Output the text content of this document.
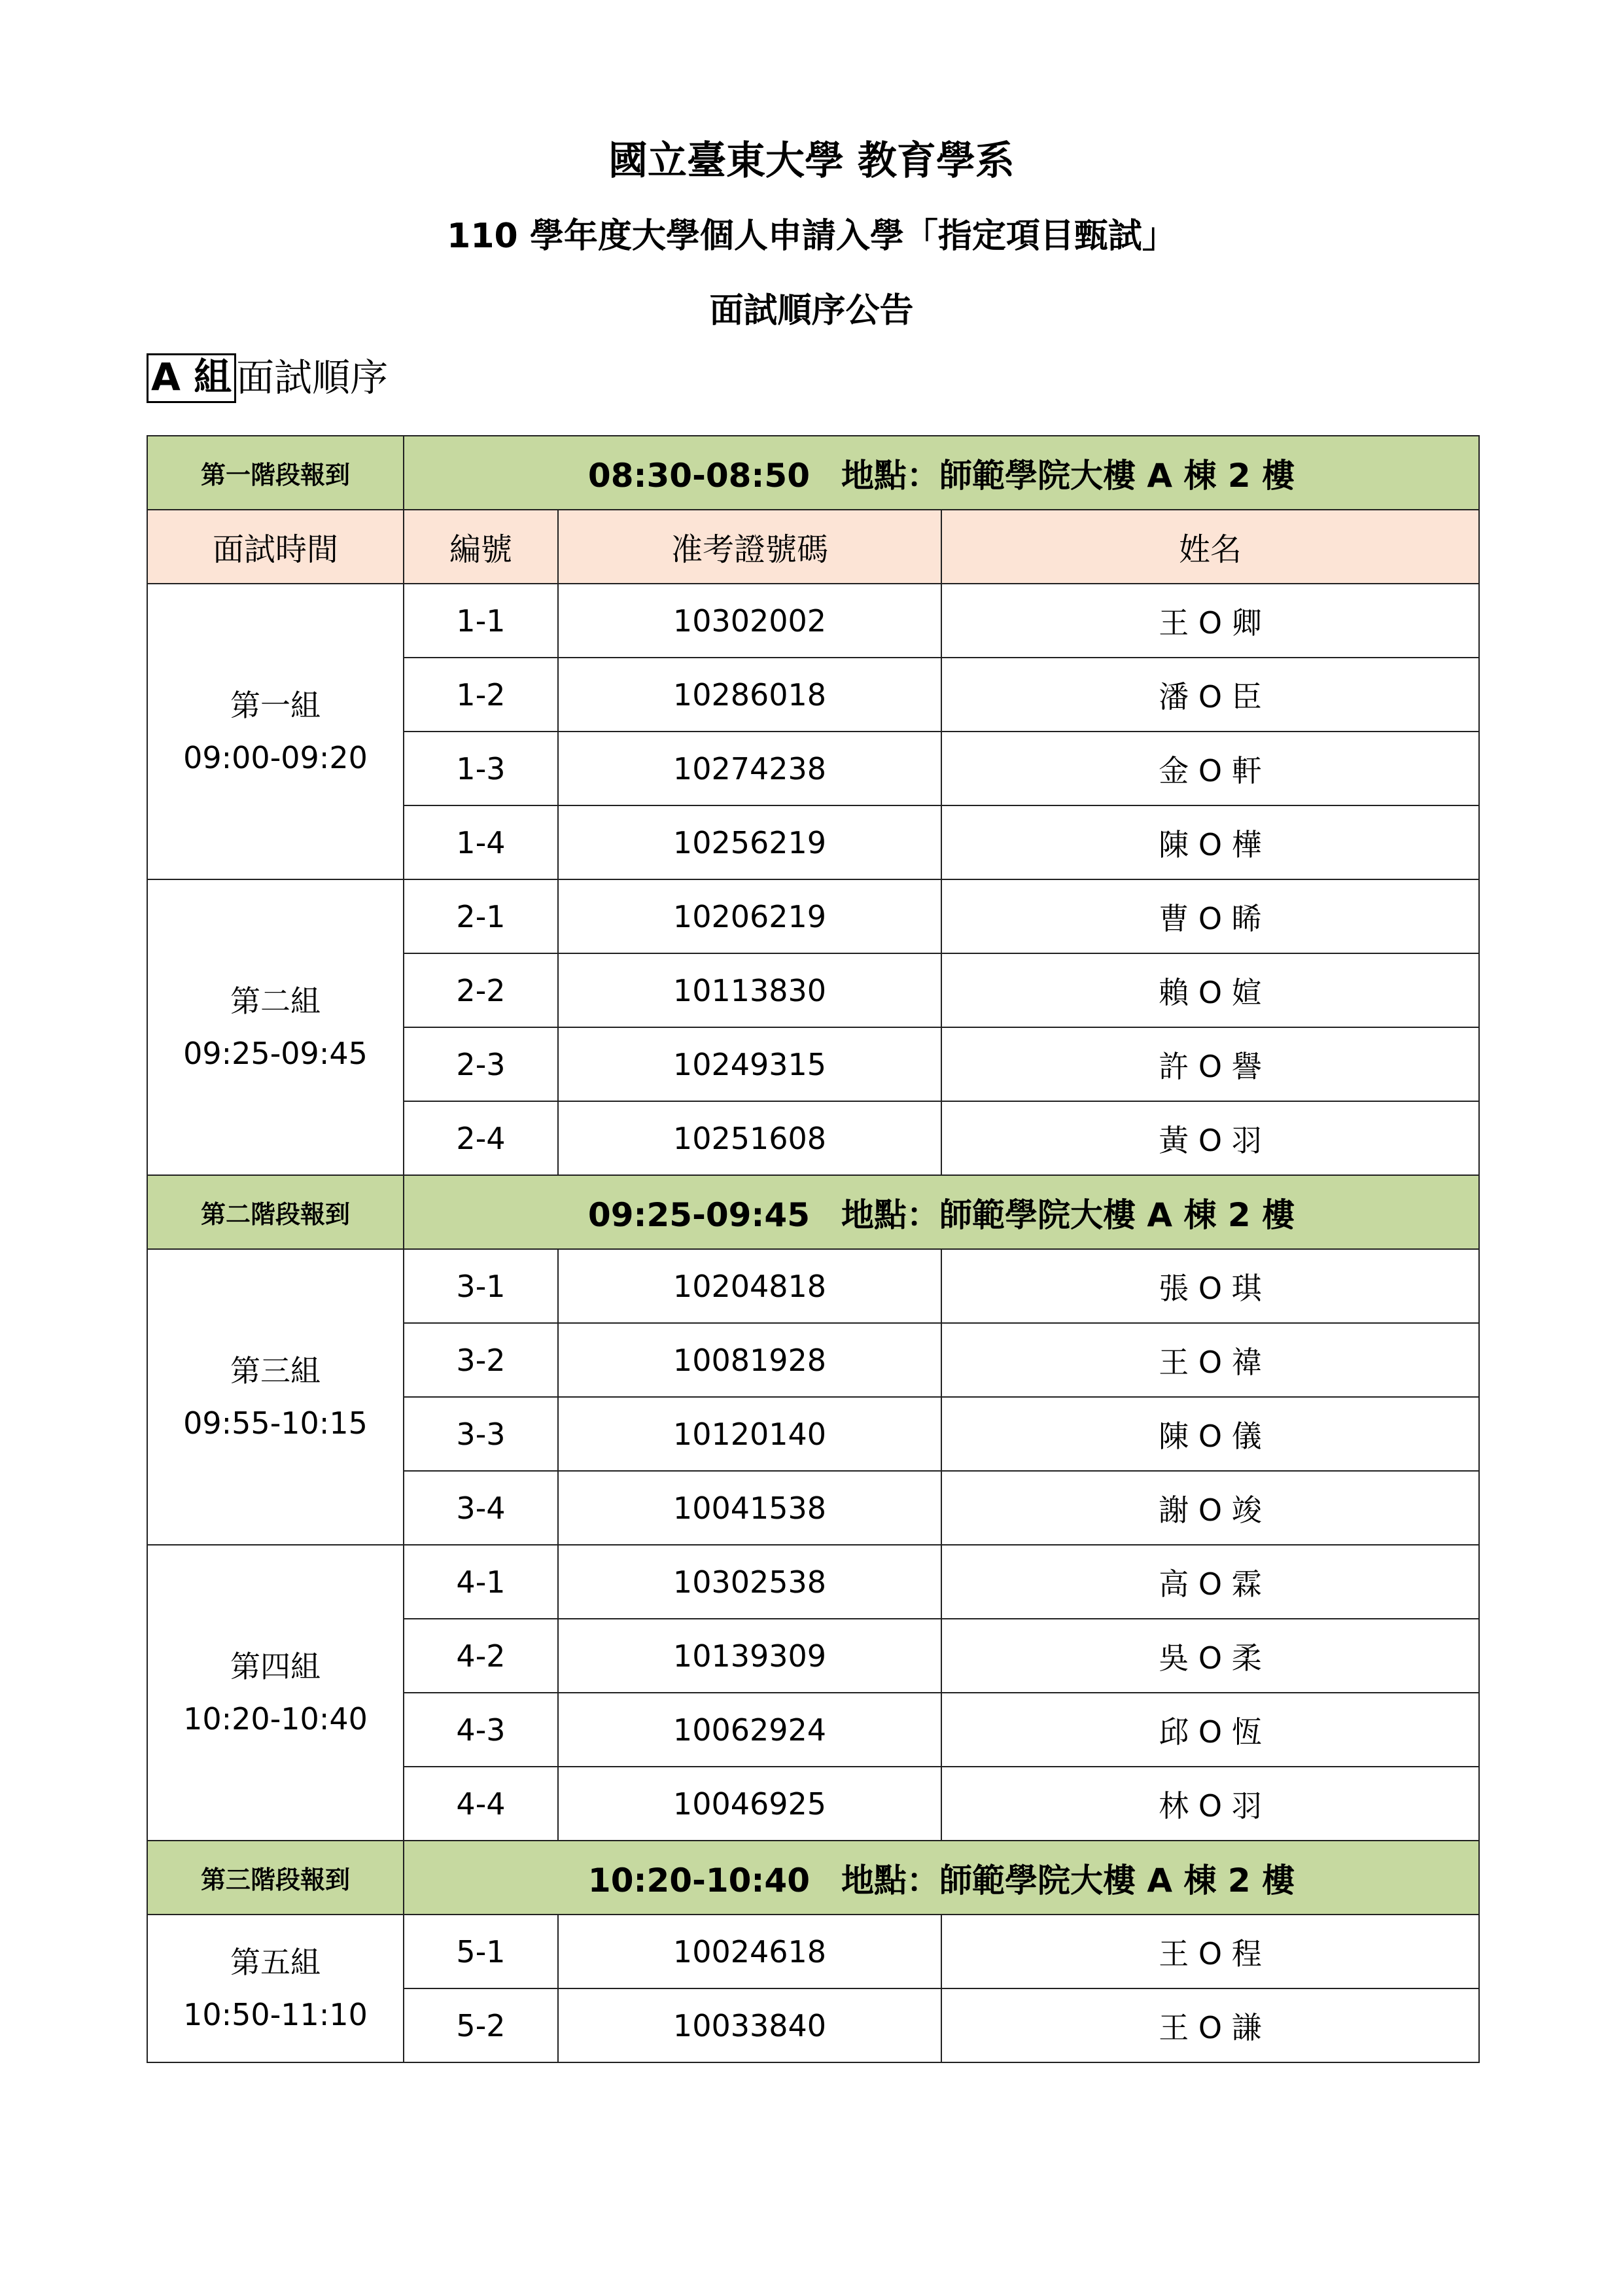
國立臺東大學 教育學系
110 學年度大學個人申請入學「指定項目甄試」
面試順序公告
A 組 面試順序
第一階段報到	08:30-08:50 地點：師範學院大樓 A 棟 2 樓		
面試時間	編號	准考證號碼	姓名

第一組
09:00-09:20	1-1	10302002	王 O 卿
	1-2	10286018	潘 O 臣
	1-3	10274238	金 O 軒
	1-4	10256219	陳 O 樺

第二組
09:25-09:45	2-1	10206219	曹 O 睎
	2-2	10113830	賴 O 媗
	2-3	10249315	許 O 譽
	2-4	10251608	黃 O 羽
第二階段報到	09:25-09:45 地點：師範學院大樓 A 棟 2 樓		

第三組
09:55-10:15	3-1	10204818	張 O 琪
	3-2	10081928	王 O 禕
	3-3	10120140	陳 O 儀
	3-4	10041538	謝 O 竣

第四組
10:20-10:40	4-1	10302538	高 O 霖
	4-2	10139309	吳 O 柔
	4-3	10062924	邱 O 恆
	4-4	10046925	林 O 羽
第三階段報到	10:20-10:40 地點：師範學院大樓 A 棟 2 樓		

第五組
10:50-11:10	5-1	10024618	王 O 程
	5-2	10033840	王 O 謙
